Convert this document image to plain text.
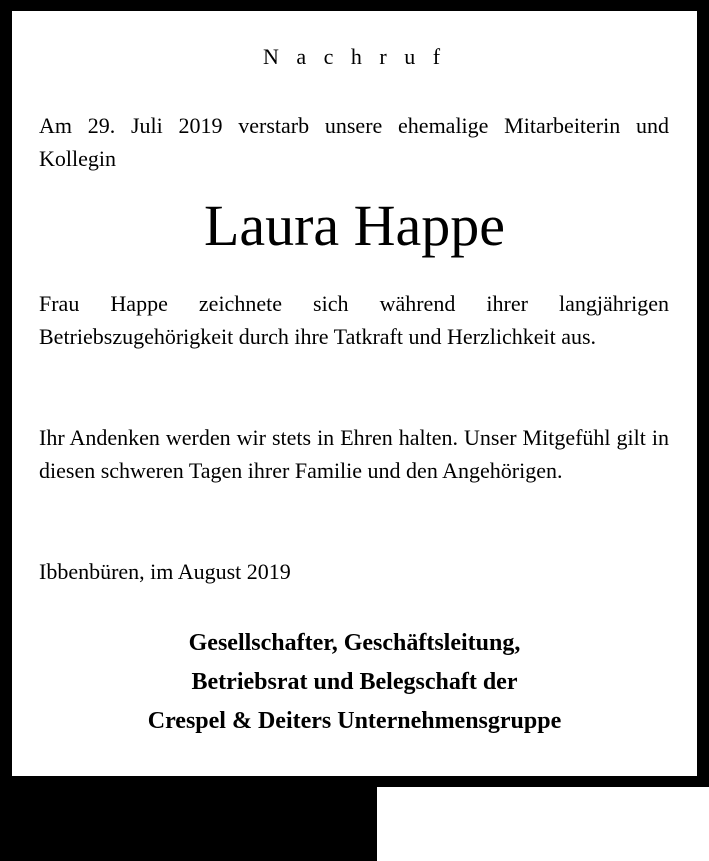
N a c h r u f
Am 29. Juli 2019 verstarb unsere ehemalige Mitarbeiterin und Kollegin
Laura Happe
Frau Happe zeichnete sich während ihrer langjährigen Betriebszugehörigkeit durch ihre Tatkraft und Herzlichkeit aus.
Ihr Andenken werden wir stets in Ehren halten. Unser Mitgefühl gilt in diesen schweren Tagen ihrer Familie und den Angehörigen.
Ibbenbüren, im August 2019
Gesellschafter, Geschäftsleitung,
Betriebsrat und Belegschaft der
Crespel & Deiters Unternehmensgruppe
